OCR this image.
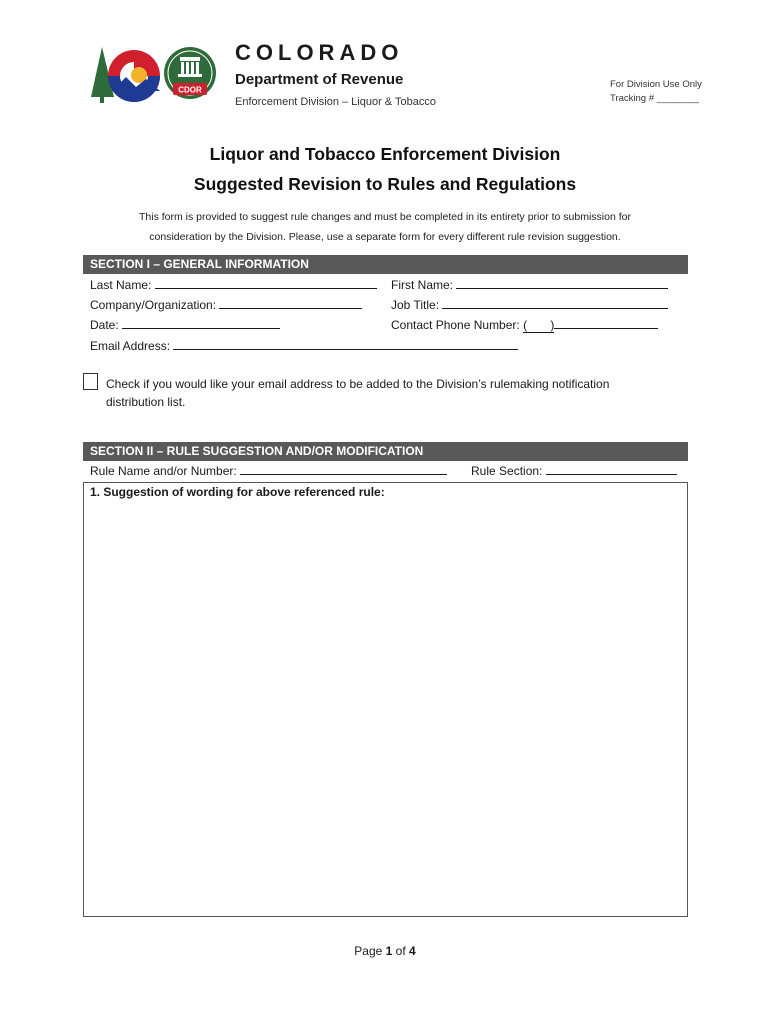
CDOR
COLORADO
Department of Revenue
Enforcement Division – Liquor & Tobacco
For Division Use Only
Tracking # ________
Liquor and Tobacco Enforcement Division
Suggested Revision to Rules and Regulations
This form is provided to suggest rule changes and must be completed in its entirety prior to submission for
consideration by the Division. Please, use a separate form for every different rule revision suggestion.
SECTION I – GENERAL INFORMATION
Last Name:	First Name:
Company/Organization:	Job Title:
Date:	Contact Phone Number: (       )
Email Address:
Check if you would like your email address to be added to the Division’s rulemaking notification
distribution list.
SECTION II – RULE SUGGESTION AND/OR MODIFICATION
Rule Name and/or Number:	Rule Section:
1. Suggestion of wording for above referenced rule:
Page 1 of 4
